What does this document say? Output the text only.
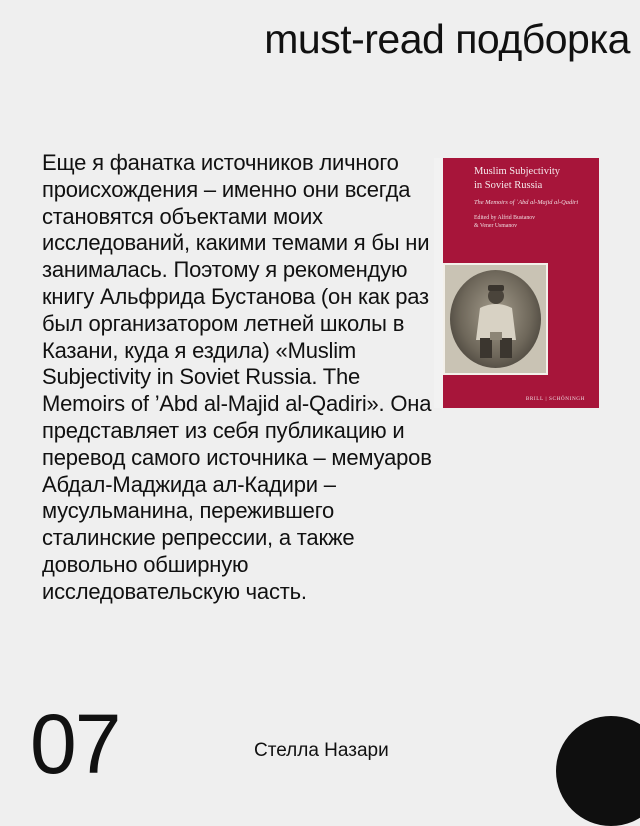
must-read подборка
Еще я фанатка источников личного происхождения – именно они всегда становятся объектами моих исследований, какими темами я бы ни занималась. Поэтому я рекомендую книгу Альфрида Бустанова (он как раз был организатором летней школы в Казани, куда я ездила) «Muslim Subjectivity in Soviet Russia. The Memoirs of ’Abd al-Majid al-Qadiri». Она представляет из себя публикацию и перевод самого источника – мемуаров Абдал-Маджида ал-Кадири – мусульманина, пережившего сталинские репрессии, а также довольно обширную исследовательскую часть.
Muslim Subjectivity
in Soviet Russia
The Memoirs of ʿAbd al-Majid al-Qadiri
Edited by Alfrid Bustanov
& Vener Usmanov
BRILL | SCHÖNINGH
07	Стелла Назари
